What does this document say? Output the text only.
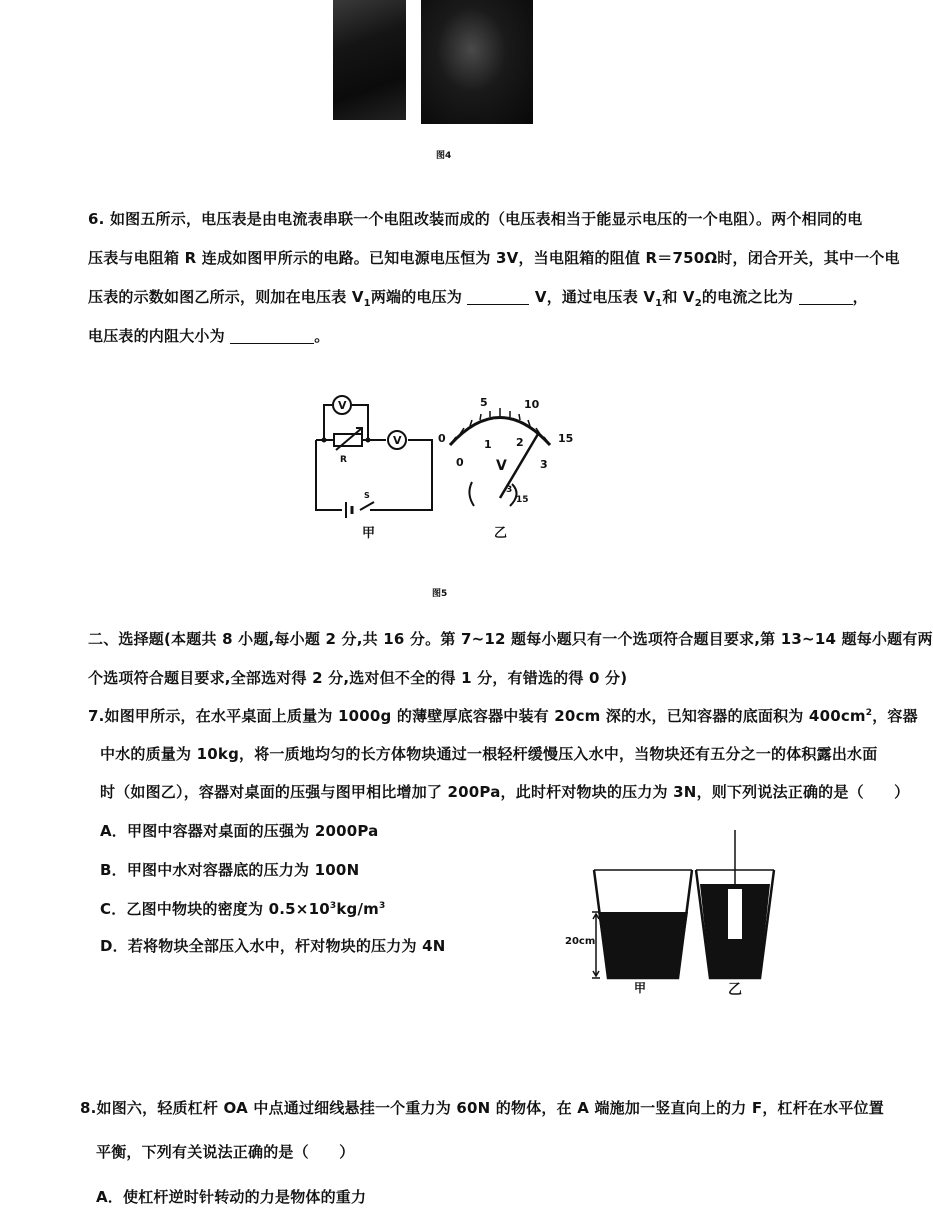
图4
6. 如图五所示，电压表是由电流表串联一个电阻改装而成的（电压表相当于能显示电压的一个电阻）。两个相同的电
压表与电阻箱 R 连成如图甲所示的电路。已知电源电压恒为 3V，当电阻箱的阻值 R＝750Ω时，闭合开关，其中一个电
压表的示数如图乙所示，则加在电压表 $V_1$两端的电压为	V，通过电压表 $V_1$和 $V_2$的电流之比为	，
电压表的内阻大小为	。
V
V
R
S
甲
0
5	10
15
0
1 2
3
V
3
15
乙
图5
二、选择题(本题共 8 小题,每小题 2 分,共 16 分。第 7~12 题每小题只有一个选项符合题目要求,第 13~14 题每小题有两
个选项符合题目要求,全部选对得 2 分,选对但不全的得 1 分，有错选的得 0 分)
7.如图甲所示，在水平桌面上质量为 1000g 的薄壁厚底容器中装有 20cm 深的水，已知容器的底面积为 $400cm^2$，容器
中水的质量为 10kg，将一质地均匀的长方体物块通过一根轻杆缓慢压入水中，当物块还有五分之一的体积露出水面
时（如图乙），容器对桌面的压强与图甲相比增加了 200Pa，此时杆对物块的压力为 3N，则下列说法正确的是（　　）
A．甲图中容器对桌面的压强为 2000Pa
B．甲图中水对容器底的压力为 100N
C．乙图中物块的密度为 $0.5\times 10^3kg/m^3$
D．若将物块全部压入水中，杆对物块的压力为 4N	20cm
甲	乙
8.如图六，轻质杠杆 OA 中点通过细线悬挂一个重力为 60N 的物体，在 A 端施加一竖直向上的力 F，杠杆在水平位置
平衡，下列有关说法正确的是（　　）
A．使杠杆逆时针转动的力是物体的重力
